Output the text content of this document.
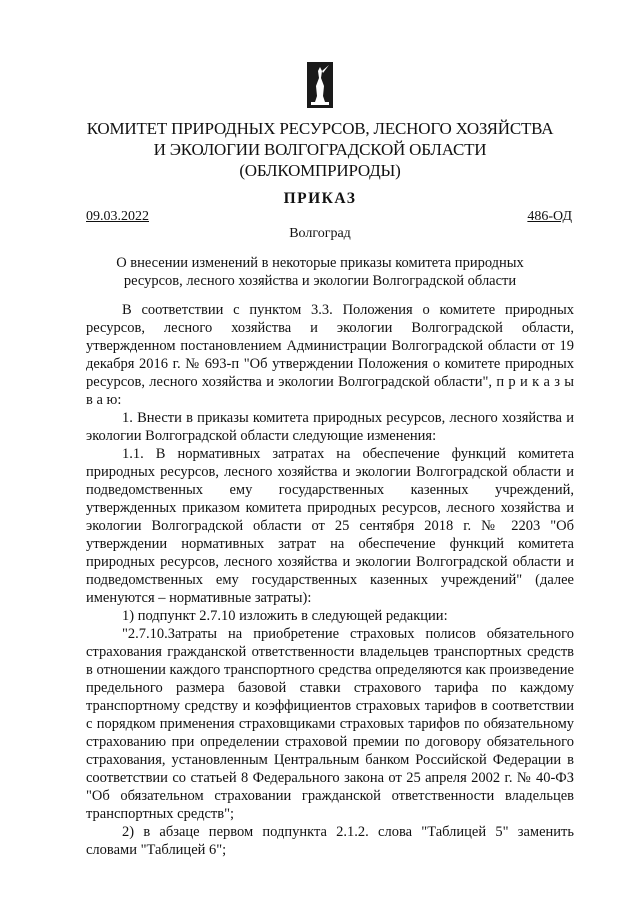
КОМИТЕТ ПРИРОДНЫХ РЕСУРСОВ, ЛЕСНОГО ХОЗЯЙСТВА
И ЭКОЛОГИИ ВОЛГОГРАДСКОЙ ОБЛАСТИ
(ОБЛКОМПРИРОДЫ)
ПРИКАЗ
09.03.2022	486-ОД
Волгоград
О внесении изменений в некоторые приказы комитета природных
ресурсов, лесного хозяйства и экологии Волгоградской области

В соответствии с пунктом 3.3. Положения о комитете природных ресурсов, лесного хозяйства и экологии Волгоградской области, утвержденном постановлением Администрации Волгоградской области от 19 декабря 2016 г. № 693-п "Об утверждении Положения о комитете природных ресурсов, лесного хозяйства и экологии Волгоградской области", п р и к а з ы в а ю:

1. Внести в приказы комитета природных ресурсов, лесного хозяйства и экологии Волгоградской области следующие изменения:

1.1. В нормативных затратах на обеспечение функций комитета природных ресурсов, лесного хозяйства и экологии Волгоградской области и подведомственных ему государственных казенных учреждений, утвержденных приказом комитета природных ресурсов, лесного хозяйства и экологии Волгоградской области от 25 сентября 2018 г. № 2203 "Об утверждении нормативных затрат на обеспечение функций комитета природных ресурсов, лесного хозяйства и экологии Волгоградской области и подведомственных ему государственных казенных учреждений" (далее именуются – нормативные затраты):

1) подпункт 2.7.10 изложить в следующей редакции:

"2.7.10.Затраты на приобретение страховых полисов обязательного страхования гражданской ответственности владельцев транспортных средств в отношении каждого транспортного средства определяются как произведение предельного размера базовой ставки страхового тарифа по каждому транспортному средству и коэффициентов страховых тарифов в соответствии с порядком применения страховщиками страховых тарифов по обязательному страхованию при определении страховой премии по договору обязательного страхования, установленным Центральным банком Российской Федерации в соответствии со статьей 8 Федерального закона от 25 апреля 2002 г. № 40-ФЗ "Об обязательном страховании гражданской ответственности владельцев транспортных средств";

2) в абзаце первом подпункта 2.1.2. слова "Таблицей 5" заменить словами "Таблицей 6";
